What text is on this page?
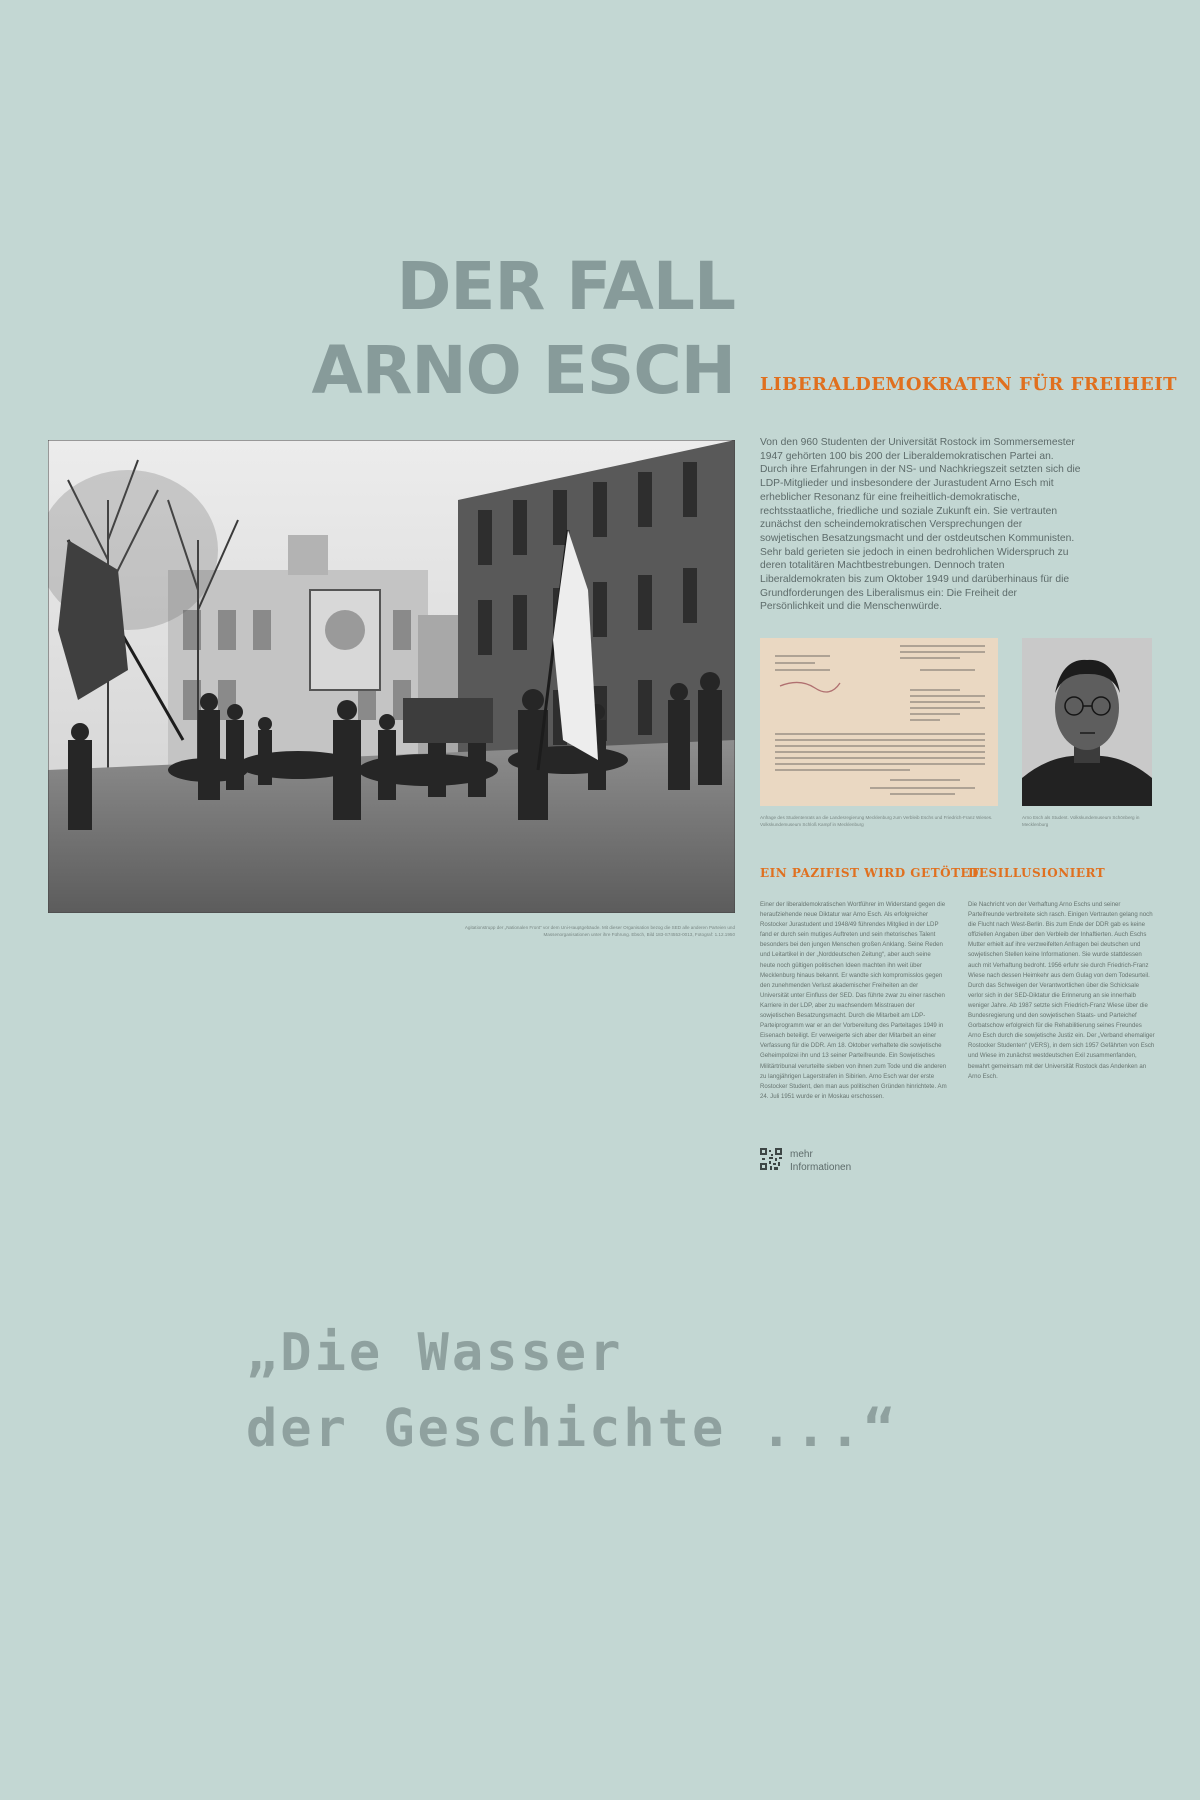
DER FALL
ARNO ESCH

Agitationstrupp der „Nationalen Front“ vor dem Uni-Hauptgebäude. Mit dieser Organisation bezog die SED alle anderen Parteien und Massenorganisationen unter ihre Führung. Ebsch, Bild 183-S74553-0013, Fotograf: 1.12.1950

LIBERALDEMOKRATEN FÜR FREIHEIT

Von den 960 Studenten der Universität Rostock im Sommersemester 1947 gehörten 100 bis 200 der Liberaldemokratischen Partei an. Durch ihre Erfahrungen in der NS- und Nachkriegszeit setzten sich die LDP-Mitglieder und insbesondere der Jurastudent Arno Esch mit erheblicher Resonanz für eine freiheitlich-demokratische, rechtsstaatliche, friedliche und soziale Zukunft ein. Sie vertrauten zunächst den scheindemokratischen Versprechungen der sowjetischen Besatzungsmacht und der ostdeutschen Kommunisten. Sehr bald gerieten sie jedoch in einen bedrohlichen Widerspruch zu deren totalitären Machtbestrebungen. Dennoch traten Liberaldemokraten bis zum Oktober 1949 und darüberhinaus für die Grundforderungen des Liberalismus ein: Die Freiheit der Persönlichkeit und die Menschenwürde.

Anfrage des Studentenrats an die Landesregierung Mecklenburg zum Verbleib Eschs und Friedrich-Franz Wieses. Volkskundemuseum Schloß Kampf in Mecklenburg

Arno Esch als Student. Volkskundemuseum Schönberg in Mecklenburg

EIN PAZIFIST WIRD GETÖTET

Einer der liberaldemokratischen Wortführer im Widerstand gegen die heraufziehende neue Diktatur war Arno Esch. Als erfolgreicher Rostocker Jurastudent und 1948/49 führendes Mitglied in der LDP fand er durch sein mutiges Auftreten und sein rhetorisches Talent besonders bei den jungen Menschen großen Anklang. Seine Reden und Leitartikel in der „Norddeutschen Zeitung“, aber auch seine heute noch gültigen politischen Ideen machten ihn weit über Mecklenburg hinaus bekannt. Er wandte sich kompromisslos gegen den zunehmenden Verlust akademischer Freiheiten an der Universität unter Einfluss der SED. Das führte zwar zu einer raschen Karriere in der LDP, aber zu wachsendem Misstrauen der sowjetischen Besatzungsmacht. Durch die Mitarbeit am LDP-Parteiprogramm war er an der Vorbereitung des Parteitages 1949 in Eisenach beteiligt. Er verweigerte sich aber der Mitarbeit an einer Verfassung für die DDR. Am 18. Oktober verhaftete die sowjetische Geheimpolizei ihn und 13 seiner Parteifreunde. Ein Sowjetisches Militärtribunal verurteilte sieben von ihnen zum Tode und die anderen zu langjährigen Lagerstrafen in Sibirien. Arno Esch war der erste Rostocker Student, den man aus politischen Gründen hinrichtete. Am 24. Juli 1951 wurde er in Moskau erschossen.

DESILLUSIONIERT

Die Nachricht von der Verhaftung Arno Eschs und seiner Parteifreunde verbreitete sich rasch. Einigen Vertrauten gelang noch die Flucht nach West-Berlin. Bis zum Ende der DDR gab es keine offiziellen Angaben über den Verbleib der Inhaftierten. Auch Eschs Mutter erhielt auf ihre verzweifelten Anfragen bei deutschen und sowjetischen Stellen keine Informationen. Sie wurde stattdessen auch mit Verhaftung bedroht. 1956 erfuhr sie durch Friedrich-Franz Wiese nach dessen Heimkehr aus dem Gulag von dem Todesurteil. Durch das Schweigen der Verantwortlichen über die Schicksale verlor sich in der SED-Diktatur die Erinnerung an sie innerhalb weniger Jahre. Ab 1987 setzte sich Friedrich-Franz Wiese über die Bundesregierung und den sowjetischen Staats- und Parteichef Gorbatschow erfolgreich für die Rehabilitierung seines Freundes Arno Esch durch die sowjetische Justiz ein. Der „Verband ehemaliger Rostocker Studenten“ (VERS), in dem sich 1957 Gefährten von Esch und Wiese im zunächst westdeutschen Exil zusammenfanden, bewahrt gemeinsam mit der Universität Rostock das Andenken an Arno Esch.

mehr
Informationen

„Die Wasser
der Geschichte ...“
